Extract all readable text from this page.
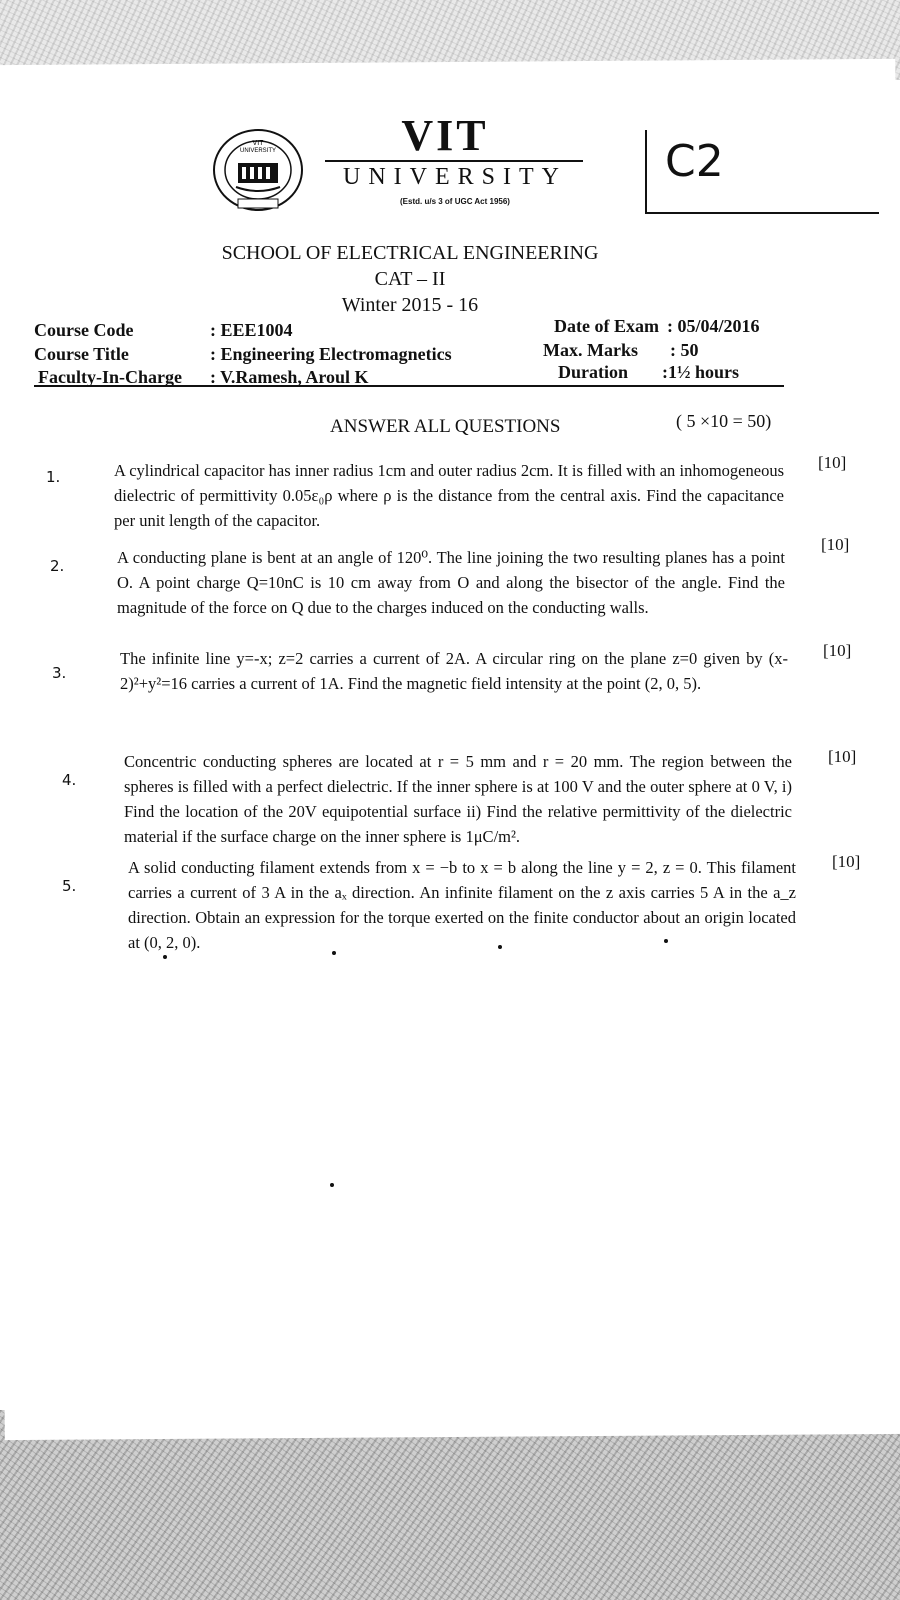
VIT
UNIVERSITY	VIT
UNIVERSITY
(Estd. u/s 3 of UGC Act 1956)
C2
SCHOOL OF ELECTRICAL ENGINEERING
CAT – II
Winter 2015 - 16
Course Code	: EEE1004
Course Title	: Engineering Electromagnetics
Faculty-In-Charge : V.Ramesh, Aroul K
Date of Exam : 05/04/2016
Max. Marks : 50
Duration :1½ hours
ANSWER ALL QUESTIONS	( 5 ×10 = 50)
1.	A cylindrical capacitor has inner radius 1cm and outer radius 2cm. It is filled with an inhomogeneous dielectric of permittivity 0.05ε₀ρ where ρ is the distance from the central axis. Find the capacitance per unit length of the capacitor.
[10]
2.	A conducting plane is bent at an angle of 120⁰. The line joining the two resulting planes has a point O. A point charge Q=10nC is 10 cm away from O and along the bisector of the angle. Find the magnitude of the force on Q due to the charges induced on the conducting walls.
[10]
3.
The infinite line y=-x; z=2 carries a current of 2A. A circular ring on the plane z=0 given by (x-2)²+y²=16 carries a current of 1A. Find the magnetic field intensity at the point (2, 0, 5).
[10]
4.
Concentric conducting spheres are located at r = 5 mm and r = 20 mm. The region between the spheres is filled with a perfect dielectric. If the inner sphere is at 100 V and the outer sphere at 0 V, i) Find the location of the 20V equipotential surface ii) Find the relative permittivity of the dielectric material if the surface charge on the inner sphere is 1μC/m².
[10]
5.
A solid conducting filament extends from x = −b to x = b along the line y = 2, z = 0. This filament carries a current of 3 A in the aₓ direction. An infinite filament on the z axis carries 5 A in the a_z direction. Obtain an expression for the torque exerted on the finite conductor about an origin located at (0, 2, 0).
[10]
